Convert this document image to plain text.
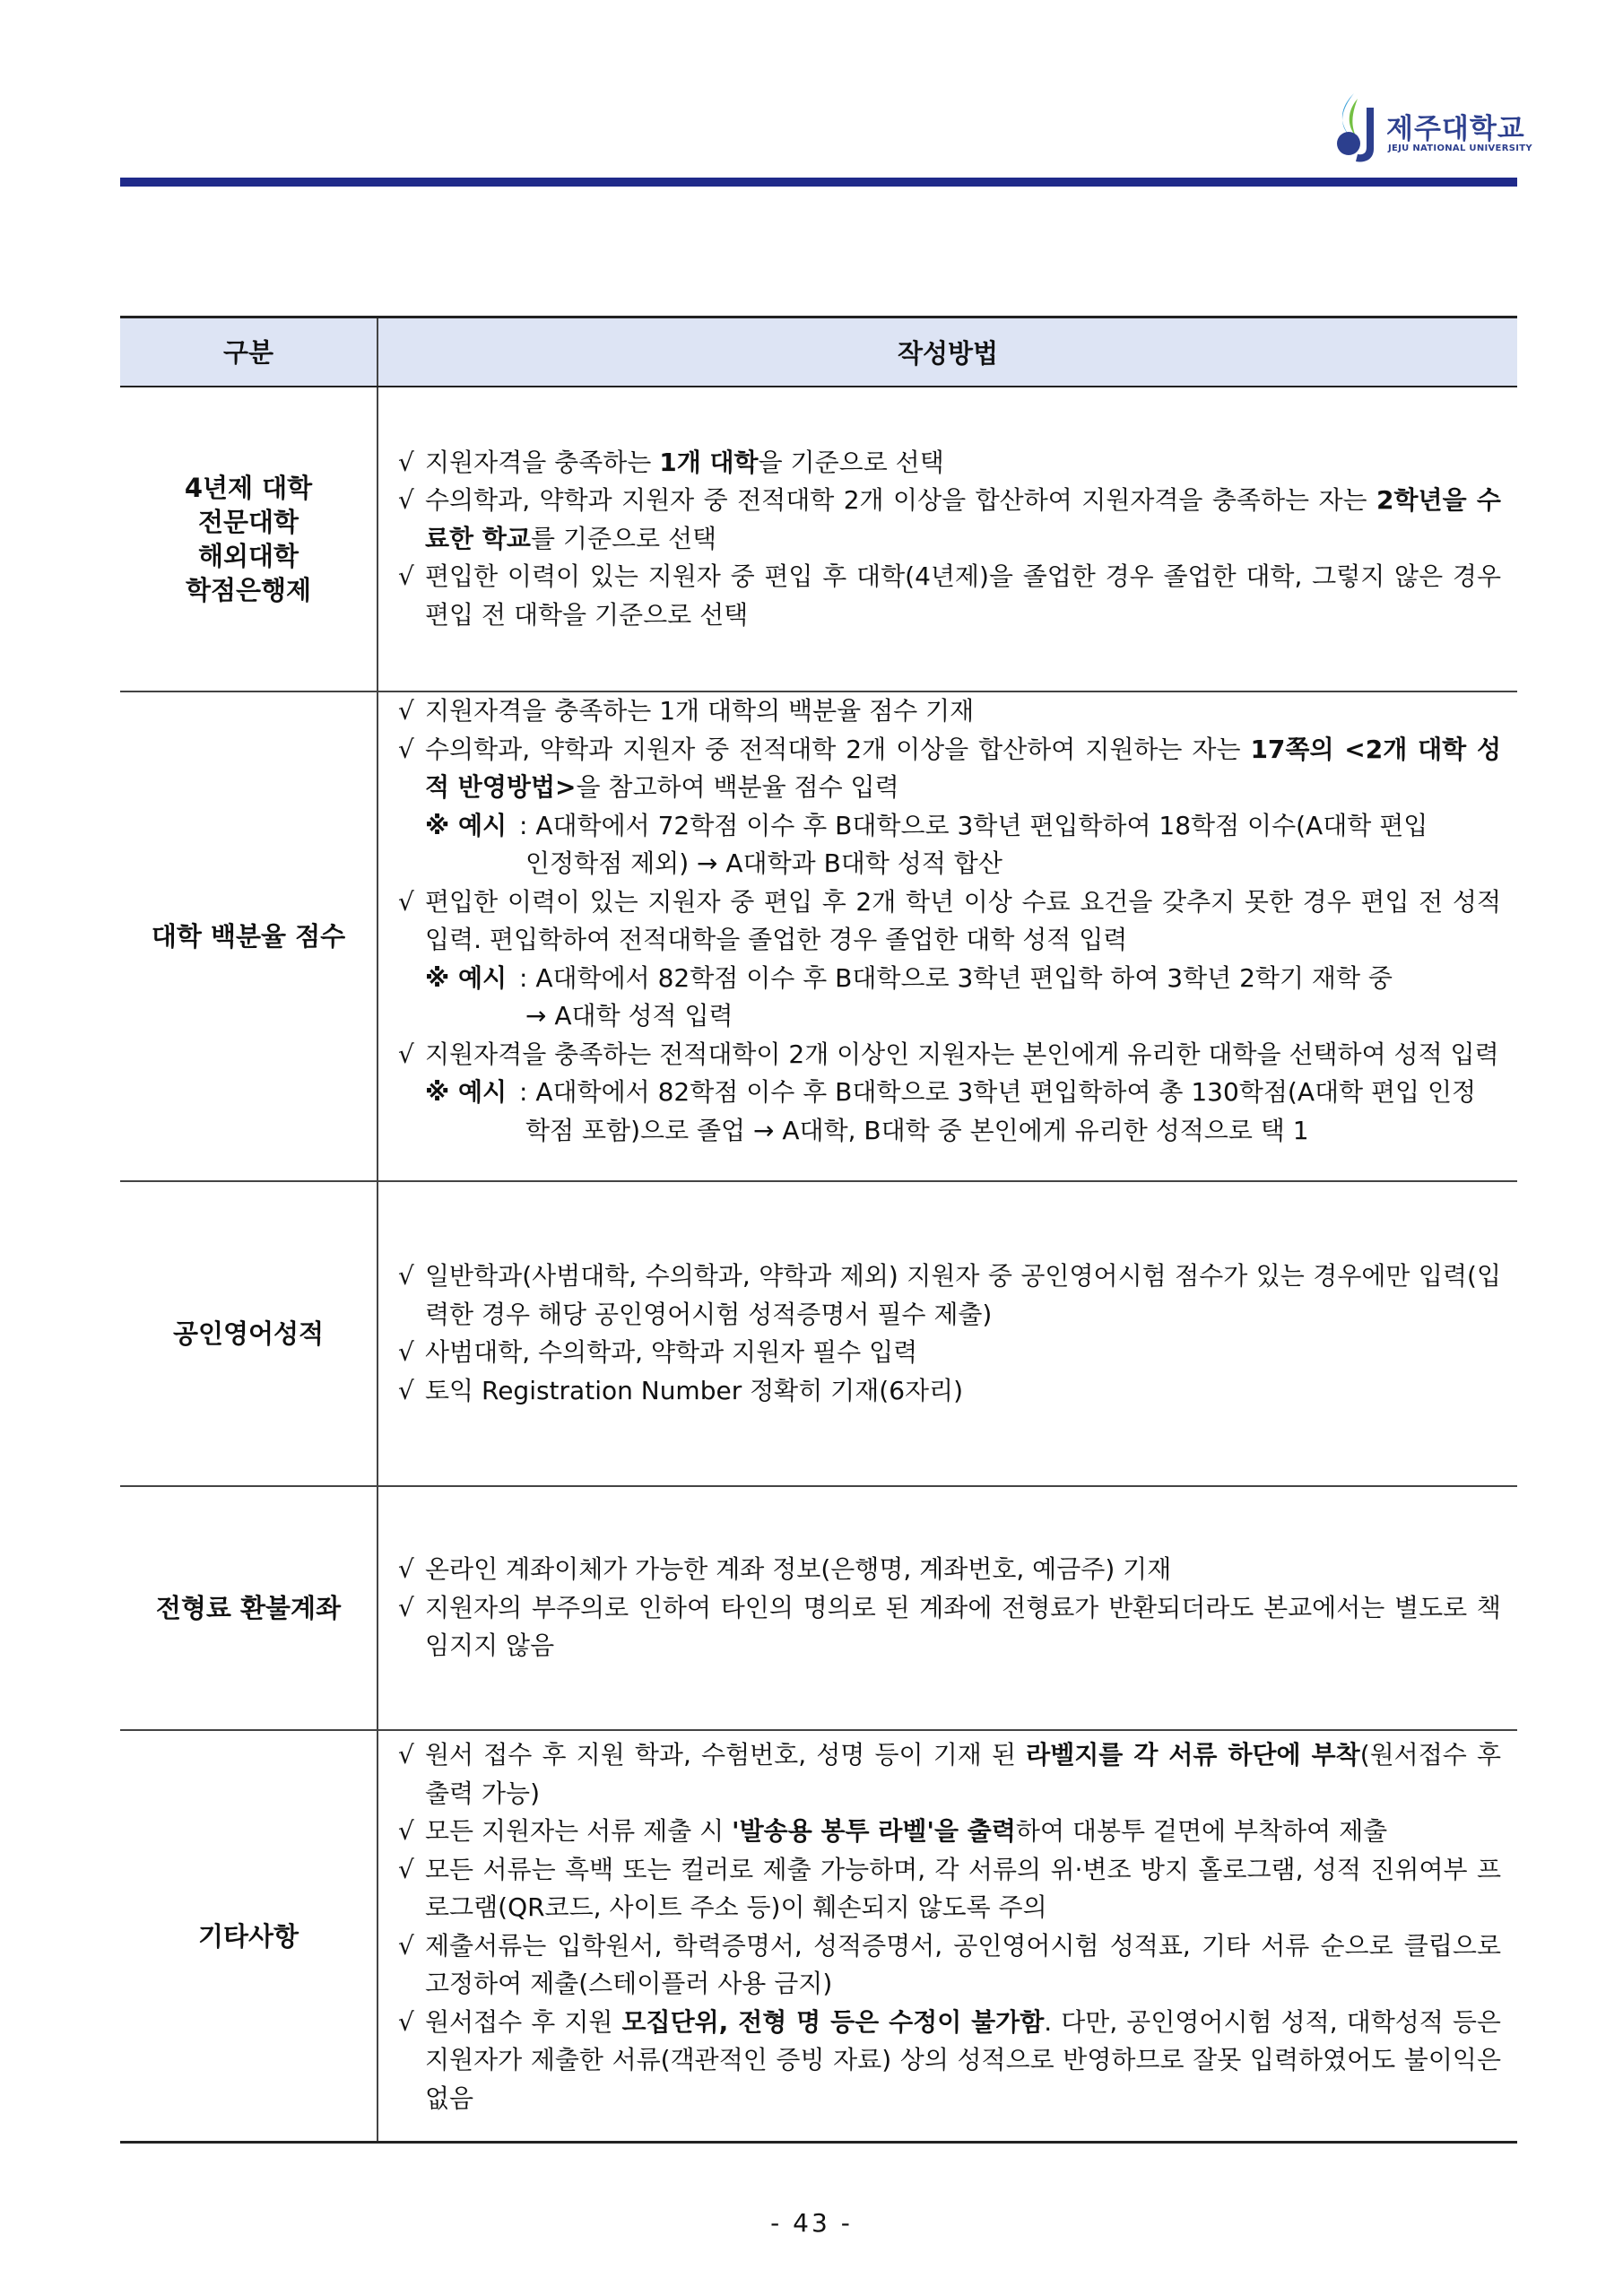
제주대학교
JEJU NATIONAL UNIVERSITY
구분	작성방법
4년제 대학
전문대학
해외대학
학점은행제
√ 지원자격을 충족하는 1개 대학을 기준으로 선택
√ 수의학과, 약학과 지원자 중 전적대학 2개 이상을 합산하여 지원자격을 충족하는 자는 2학년을 수료한 학교를 기준으로 선택
√ 편입한 이력이 있는 지원자 중 편입 후 대학(4년제)을 졸업한 경우 졸업한 대학, 그렇지 않은 경우 편입 전 대학을 기준으로 선택
대학 백분율 점수
√ 지원자격을 충족하는 1개 대학의 백분율 점수 기재
√ 수의학과, 약학과 지원자 중 전적대학 2개 이상을 합산하여 지원하는 자는 17쪽의 <2개 대학 성적 반영방법>을 참고하여 백분율 점수 입력
※ 예시 : A대학에서 72학점 이수 후 B대학으로 3학년 편입학하여 18학점 이수(A대학 편입
인정학점 제외) → A대학과 B대학 성적 합산
√ 편입한 이력이 있는 지원자 중 편입 후 2개 학년 이상 수료 요건을 갖추지 못한 경우 편입 전 성적 입력. 편입학하여 전적대학을 졸업한 경우 졸업한 대학 성적 입력
※ 예시 : A대학에서 82학점 이수 후 B대학으로 3학년 편입학 하여 3학년 2학기 재학 중
→ A대학 성적 입력
√ 지원자격을 충족하는 전적대학이 2개 이상인 지원자는 본인에게 유리한 대학을 선택하여 성적 입력
※ 예시 : A대학에서 82학점 이수 후 B대학으로 3학년 편입학하여 총 130학점(A대학 편입 인정
학점 포함)으로 졸업 → A대학, B대학 중 본인에게 유리한 성적으로 택 1
공인영어성적
√ 일반학과(사범대학, 수의학과, 약학과 제외) 지원자 중 공인영어시험 점수가 있는 경우에만 입력(입력한 경우 해당 공인영어시험 성적증명서 필수 제출)
√ 사범대학, 수의학과, 약학과 지원자 필수 입력
√ 토익 Registration Number 정확히 기재(6자리)
전형료 환불계좌
√ 온라인 계좌이체가 가능한 계좌 정보(은행명, 계좌번호, 예금주) 기재
√ 지원자의 부주의로 인하여 타인의 명의로 된 계좌에 전형료가 반환되더라도 본교에서는 별도로 책임지지 않음
기타사항
√ 원서 접수 후 지원 학과, 수험번호, 성명 등이 기재 된 라벨지를 각 서류 하단에 부착(원서접수 후 출력 가능)
√ 모든 지원자는 서류 제출 시 '발송용 봉투 라벨'을 출력하여 대봉투 겉면에 부착하여 제출
√ 모든 서류는 흑백 또는 컬러로 제출 가능하며, 각 서류의 위·변조 방지 홀로그램, 성적 진위여부 프로그램(QR코드, 사이트 주소 등)이 훼손되지 않도록 주의
√ 제출서류는 입학원서, 학력증명서, 성적증명서, 공인영어시험 성적표, 기타 서류 순으로 클립으로 고정하여 제출(스테이플러 사용 금지)
√ 원서접수 후 지원 모집단위, 전형 명 등은 수정이 불가함. 다만, 공인영어시험 성적, 대학성적 등은 지원자가 제출한 서류(객관적인 증빙 자료) 상의 성적으로 반영하므로 잘못 입력하였어도 불이익은 없음
- 43 -
